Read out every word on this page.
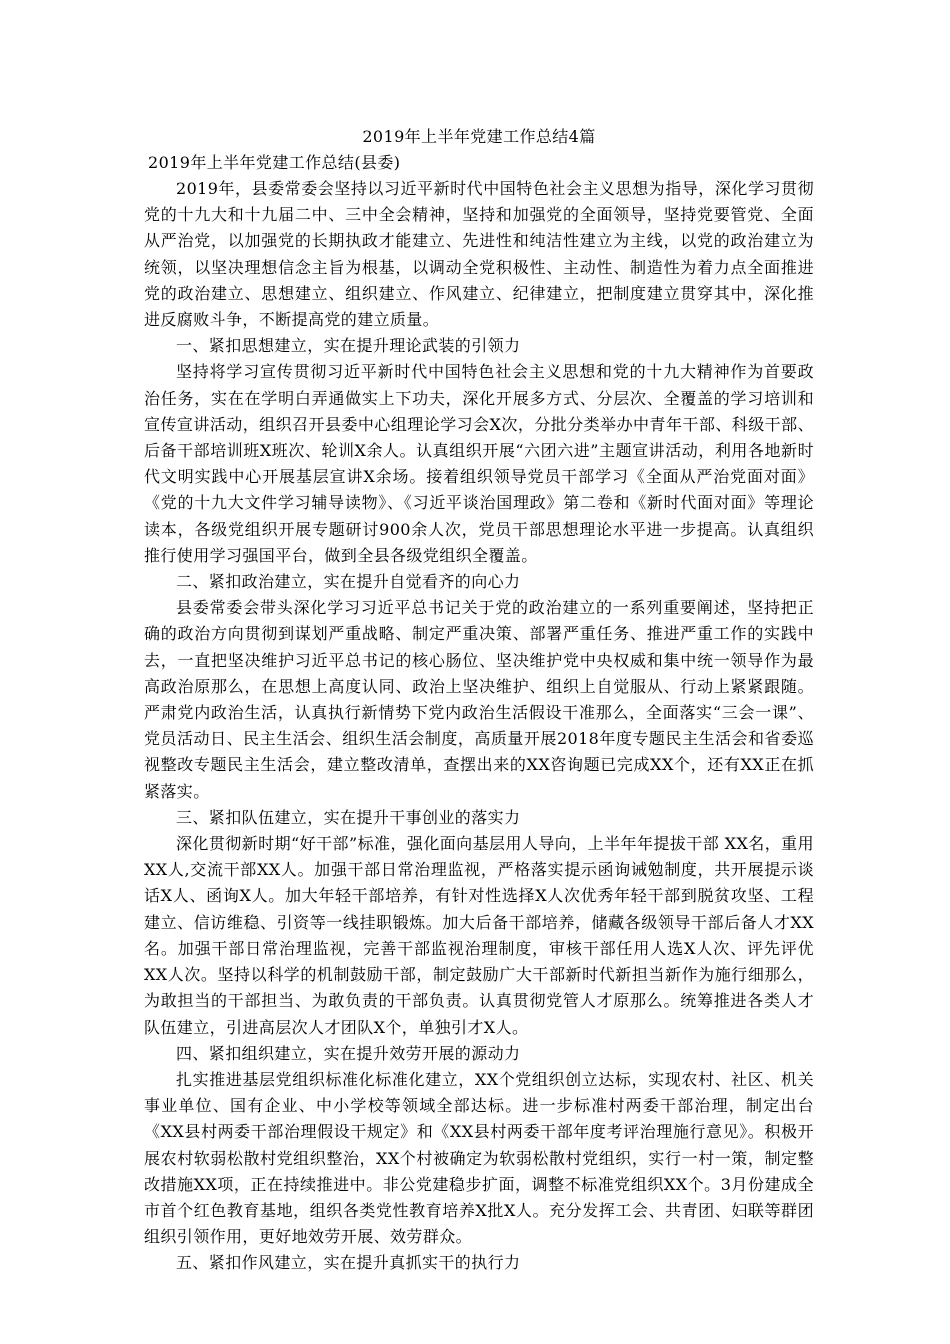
2019年上半年党建工作总结4篇

2019年上半年党建工作总结(县委)

2019年，县委常委会坚持以习近平新时代中国特色社会主义思想为指导，深化学习贯彻党的十九大和十九届二中、三中全会精神，坚持和加强党的全面领导，坚持党要管党、全面从严治党，以加强党的长期执政才能建立、先进性和纯洁性建立为主线，以党的政治建立为统领，以坚决理想信念主旨为根基，以调动全党积极性、主动性、制造性为着力点全面推进党的政治建立、思想建立、组织建立、作风建立、纪律建立，把制度建立贯穿其中，深化推进反腐败斗争，不断提高党的建立质量。

一、紧扣思想建立，实在提升理论武装的引领力

坚持将学习宣传贯彻习近平新时代中国特色社会主义思想和党的十九大精神作为首要政治任务，实在在学明白弄通做实上下功夫，深化开展多方式、分层次、全覆盖的学习培训和宣传宣讲活动，组织召开县委中心组理论学习会X次，分批分类举办中青年干部、科级干部、后备干部培训班X班次、轮训X余人。认真组织开展“六团六进”主题宣讲活动，利用各地新时代文明实践中心开展基层宣讲X余场。接着组织领导党员干部学习《全面从严治党面对面》《党的十九大文件学习辅导读物》、《习近平谈治国理政》第二卷和《新时代面对面》等理论读本，各级党组织开展专题研讨900余人次，党员干部思想理论水平进一步提高。认真组织推行使用学习强国平台，做到全县各级党组织全覆盖。

二、紧扣政治建立，实在提升自觉看齐的向心力

县委常委会带头深化学习习近平总书记关于党的政治建立的一系列重要阐述，坚持把正确的政治方向贯彻到谋划严重战略、制定严重决策、部署严重任务、推进严重工作的实践中去，一直把坚决维护习近平总书记的核心肠位、坚决维护党中央权威和集中统一领导作为最高政治原那么，在思想上高度认同、政治上坚决维护、组织上自觉服从、行动上紧紧跟随。严肃党内政治生活，认真执行新情势下党内政治生活假设干准那么，全面落实“三会一课”、党员活动日、民主生活会、组织生活会制度，高质量开展2018年度专题民主生活会和省委巡视整改专题民主生活会，建立整改清单，查摆出来的XX咨询题已完成XX个，还有XX正在抓紧落实。

三、紧扣队伍建立，实在提升干事创业的落实力

深化贯彻新时期“好干部”标准，强化面向基层用人导向，上半年年提拔干部 XX名，重用XX人,交流干部XX人。加强干部日常治理监视，严格落实提示函询诫勉制度，共开展提示谈话X人、函询X人。加大年轻干部培养，有针对性选择X人次优秀年轻干部到脱贫攻坚、工程建立、信访维稳、引资等一线挂职锻炼。加大后备干部培养，储藏各级领导干部后备人才XX名。加强干部日常治理监视，完善干部监视治理制度，审核干部任用人选X人次、评先评优XX人次。坚持以科学的机制鼓励干部，制定鼓励广大干部新时代新担当新作为施行细那么，为敢担当的干部担当、为敢负责的干部负责。认真贯彻党管人才原那么。统筹推进各类人才队伍建立，引进高层次人才团队X个，单独引才X人。

四、紧扣组织建立，实在提升效劳开展的源动力

扎实推进基层党组织标准化标准化建立，XX个党组织创立达标，实现农村、社区、机关事业单位、国有企业、中小学校等领域全部达标。进一步标准村两委干部治理，制定出台《XX县村两委干部治理假设干规定》和《XX县村两委干部年度考评治理施行意见》。积极开展农村软弱松散村党组织整治，XX个村被确定为软弱松散村党组织，实行一村一策，制定整改措施XX项，正在持续推进中。非公党建稳步扩面，调整不标准党组织XX个。3月份建成全市首个红色教育基地，组织各类党性教育培养X批X人。充分发挥工会、共青团、妇联等群团组织引领作用，更好地效劳开展、效劳群众。

五、紧扣作风建立，实在提升真抓实干的执行力
